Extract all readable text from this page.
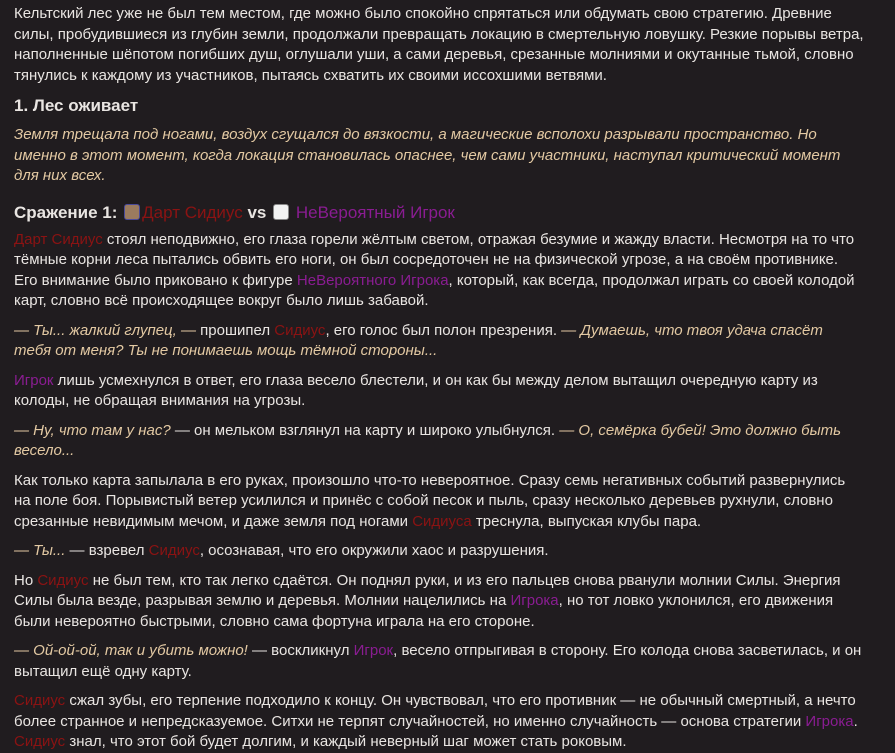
Кельтский лес уже не был тем местом, где можно было спокойно спрятаться или обдумать свою стратегию. Древние силы, пробудившиеся из глубин земли, продолжали превращать локацию в смертельную ловушку. Резкие порывы ветра, наполненные шёпотом погибших душ, оглушали уши, а сами деревья, срезанные молниями и окутанные тьмой, словно тянулись к каждому из участников, пытаясь схватить их своими иссохшими ветвями.

1. Лес оживает

Земля трещала под ногами, воздух сгущался до вязкости, а магические всполохи разрывали пространство. Но именно в этот момент, когда локация становилась опаснее, чем сами участники, наступал критический момент для них всех.

Сражение 1: Дарт Сидиус vs НеВероятный Игрок

Дарт Сидиус стоял неподвижно, его глаза горели жёлтым светом, отражая безумие и жажду власти. Несмотря на то что тёмные корни леса пытались обвить его ноги, он был сосредоточен не на физической угрозе, а на своём противнике. Его внимание было приковано к фигуре НеВероятного Игрока, который, как всегда, продолжал играть со своей колодой карт, словно всё происходящее вокруг было лишь забавой.

— Ты... жалкий глупец, — прошипел Сидиус, его голос был полон презрения. — Думаешь, что твоя удача спасёт тебя от меня? Ты не понимаешь мощь тёмной стороны...

Игрок лишь усмехнулся в ответ, его глаза весело блестели, и он как бы между делом вытащил очередную карту из колоды, не обращая внимания на угрозы.

— Ну, что там у нас? — он мельком взглянул на карту и широко улыбнулся. — О, семёрка бубей! Это должно быть весело...

Как только карта запылала в его руках, произошло что-то невероятное. Сразу семь негативных событий развернулись на поле боя. Порывистый ветер усилился и принёс с собой песок и пыль, сразу несколько деревьев рухнули, словно срезанные невидимым мечом, и даже земля под ногами Сидиуса треснула, выпуская клубы пара.

— Ты... — взревел Сидиус, осознавая, что его окружили хаос и разрушения.

Но Сидиус не был тем, кто так легко сдаётся. Он поднял руки, и из его пальцев снова рванули молнии Силы. Энергия Силы была везде, разрывая землю и деревья. Молнии нацелились на Игрока, но тот ловко уклонился, его движения были невероятно быстрыми, словно сама фортуна играла на его стороне.

— Ой-ой-ой, так и убить можно! — воскликнул Игрок, весело отпрыгивая в сторону. Его колода снова засветилась, и он вытащил ещё одну карту.

Сидиус сжал зубы, его терпение подходило к концу. Он чувствовал, что его противник — не обычный смертный, а нечто более странное и непредсказуемое. Ситхи не терпят случайностей, но именно случайность — основа стратегии Игрока. Сидиус знал, что этот бой будет долгим, и каждый неверный шаг может стать роковым.
